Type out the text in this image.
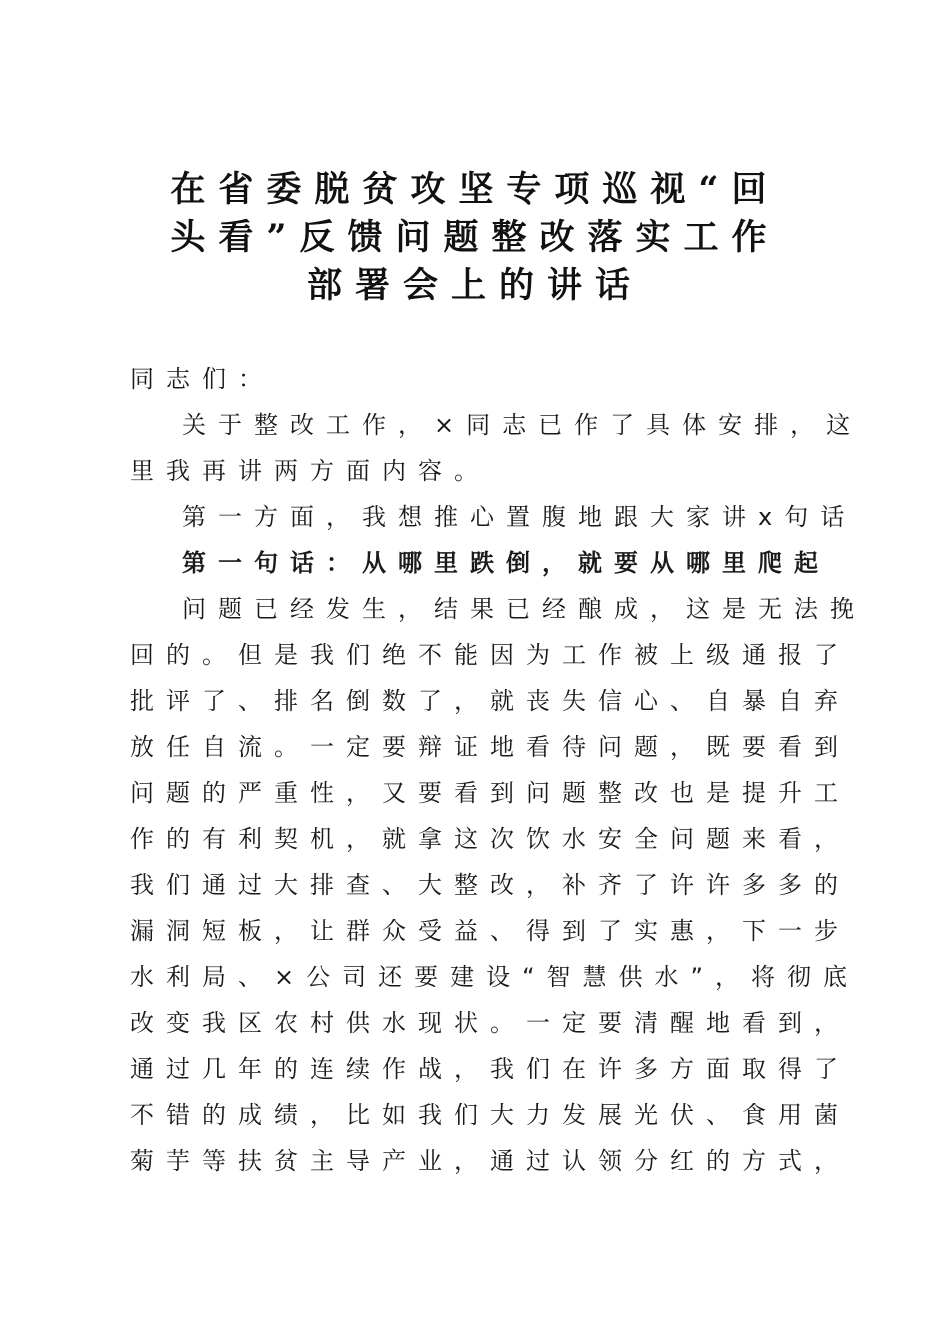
在省委脱贫攻坚专项巡视“回
头看”反馈问题整改落实工作
部署会上的讲话
同志们：
关于整改工作，×同志已作了具体安排，这
里我再讲两方面内容。
第一方面，我想推心置腹地跟大家讲x句话
第一句话：从哪里跌倒，就要从哪里爬起
问题已经发生，结果已经酿成，这是无法挽
回的。但是我们绝不能因为工作被上级通报了
批评了、排名倒数了，就丧失信心、自暴自弃
放任自流。一定要辩证地看待问题，既要看到
问题的严重性，又要看到问题整改也是提升工
作的有利契机，就拿这次饮水安全问题来看，
我们通过大排查、大整改，补齐了许许多多的
漏洞短板，让群众受益、得到了实惠，下一步
水利局、×公司还要建设“智慧供水”，将彻底
改变我区农村供水现状。一定要清醒地看到，
通过几年的连续作战，我们在许多方面取得了
不错的成绩，比如我们大力发展光伏、食用菌
菊芋等扶贫主导产业，通过认领分红的方式，
